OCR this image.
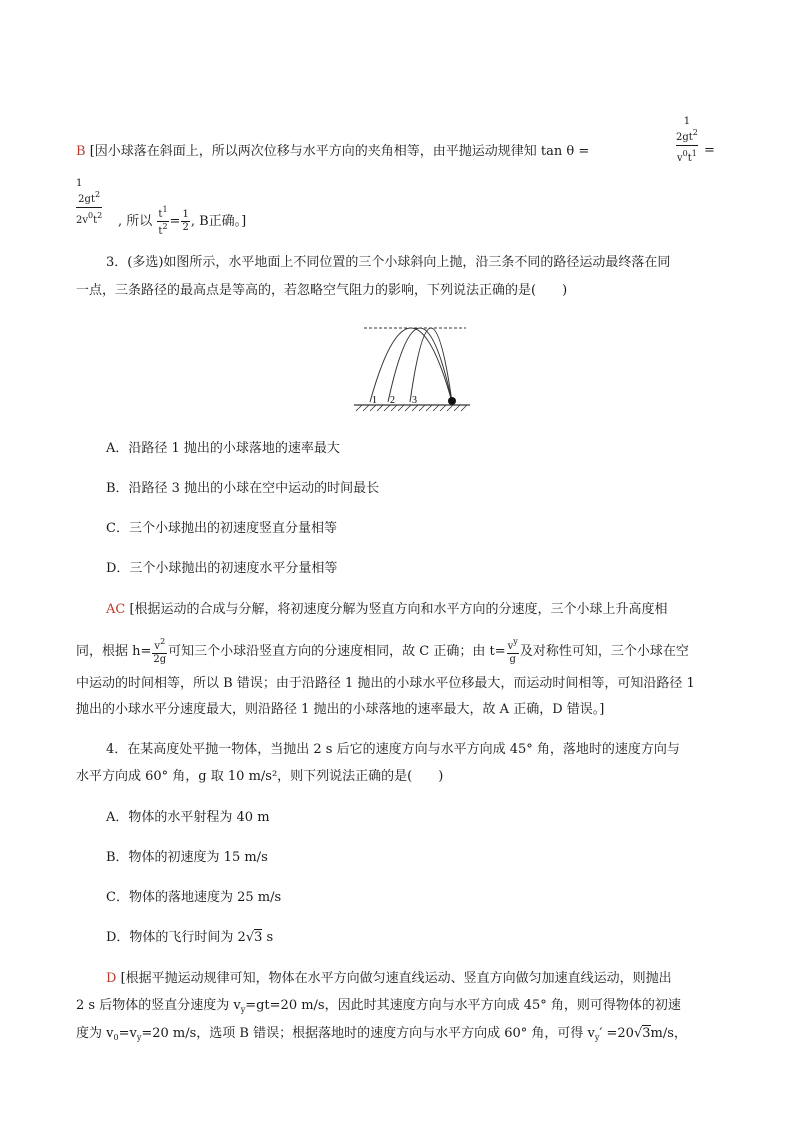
B [因小球落在斜面上，所以两次位移与水平方向的夹角相等，由平抛运动规律知 tan θ =
1
$2gt^2$
$v^0t^1$ =
1
$2gt^2$
$2v^0t^2$ , 所以 $\frac{t^1}{t^2} = \frac{1}{2}$ , B正确。]
3．(多选)如图所示，水平地面上不同位置的三个小球斜向上抛，沿三条不同的路径运动最终落在同
一点，三条路径的最高点是等高的，若忽略空气阻力的影响，下列说法正确的是(　　)
1 2 3
A．沿路径 1 抛出的小球落地的速率最大
B．沿路径 3 抛出的小球在空中运动的时间最长
C．三个小球抛出的初速度竖直分量相等
D．三个小球抛出的初速度水平分量相等
AC [根据运动的合成与分解，将初速度分解为竖直方向和水平方向的分速度，三个小球上升高度相
同，根据 $h= \frac{v^2}{2g}$ 可知三个小球沿竖直方向的分速度相同，故 C 正确；由 $t= \frac{v^y}{g}$ 及对称性可知，三个小球在空
中运动的时间相等，所以 B 错误；由于沿路径 1 抛出的小球水平位移最大，而运动时间相等，可知沿路径 1
抛出的小球水平分速度最大，则沿路径 1 抛出的小球落地的速率最大，故 A 正确，D 错误。]
4．在某高度处平抛一物体，当抛出 2 s 后它的速度方向与水平方向成 45° 角，落地时的速度方向与
水平方向成 60° 角，g 取 10 m/s²，则下列说法正确的是(　　)
A．物体的水平射程为 40 m
B．物体的初速度为 15 m/s
C．物体的落地速度为 25 m/s
D．物体的飞行时间为 2√3 s
D [根据平抛运动规律可知，物体在水平方向做匀速直线运动、竖直方向做匀加速直线运动，则抛出
2 s 后物体的竖直分速度为 $v_y=gt=20$ m/s，因此时其速度方向与水平方向成 45° 角，则可得物体的初速
度为 $v_0=v_y=20$ m/s，选项 B 错误；根据落地时的速度方向与水平方向成 60° 角，可得 $v_y' =20√3m/s$，
